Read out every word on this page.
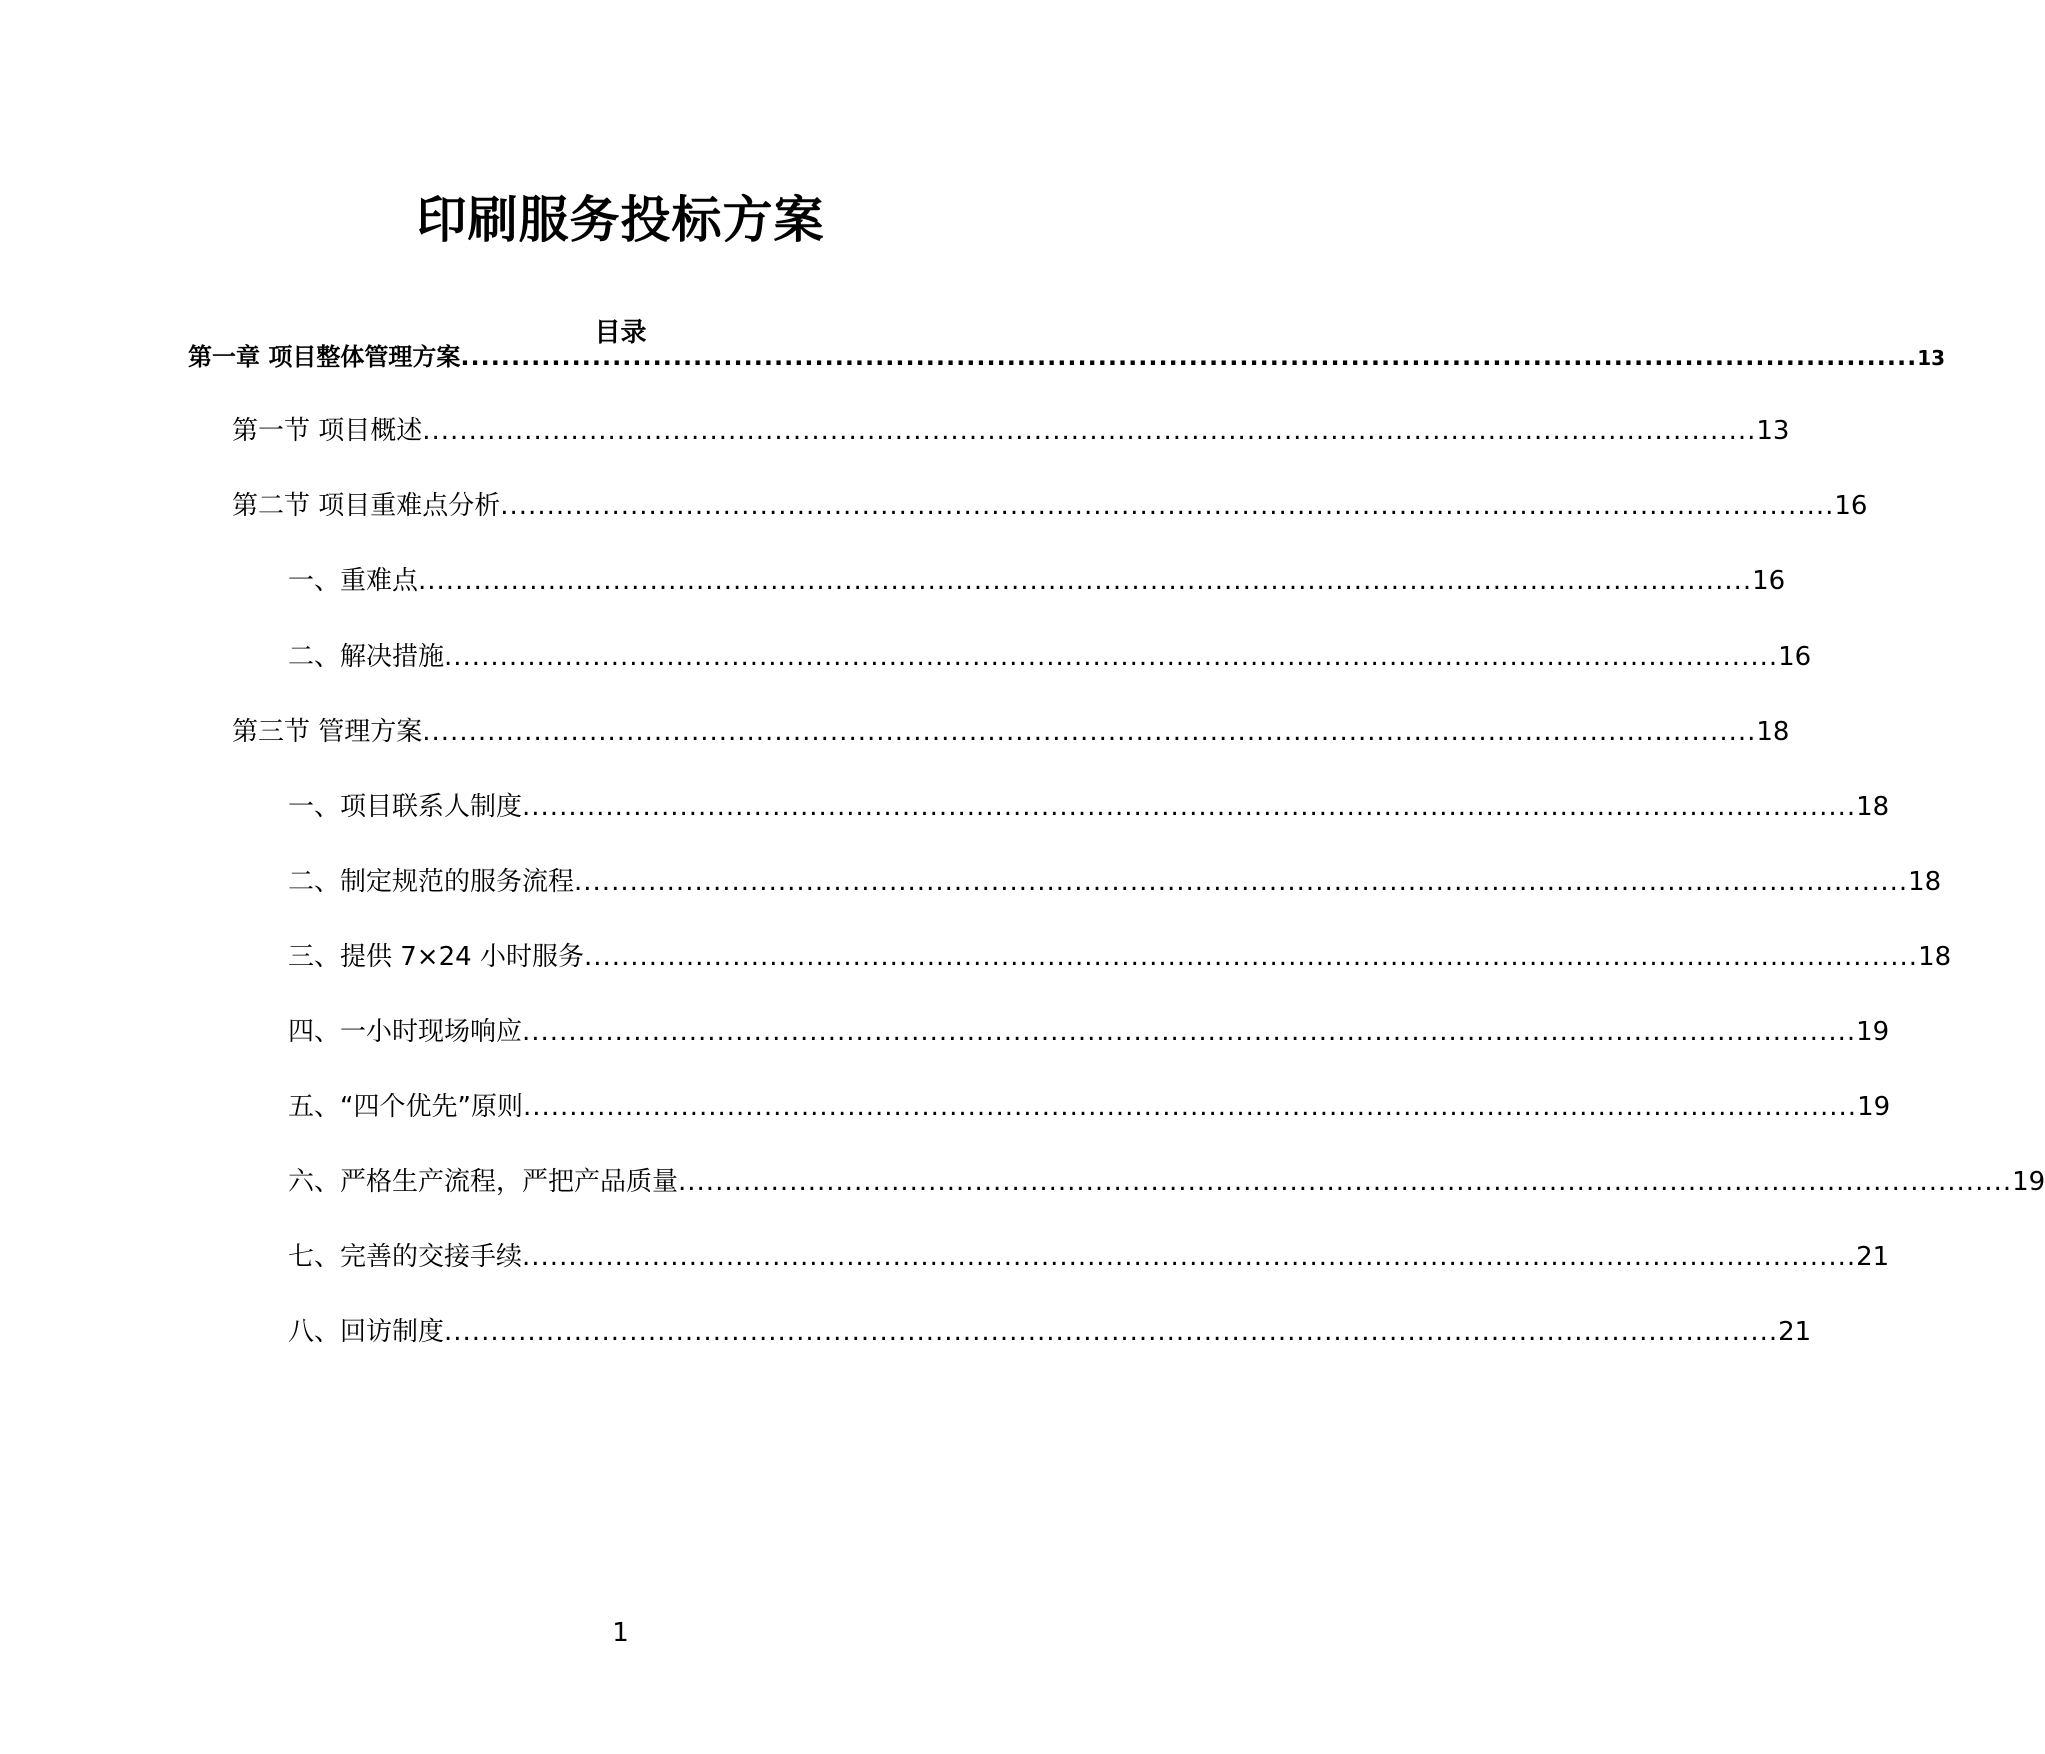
印刷服务投标方案
目录
第一章 项目整体管理方案 ................................................................................................................................................ 13
第一节 项目概述 ................................................................................................................................................ 13
第二节 项目重难点分析 ................................................................................................................................................ 16
一、重难点 ................................................................................................................................................ 16
二、解决措施 ................................................................................................................................................ 16
第三节 管理方案 ................................................................................................................................................ 18
一、项目联系人制度 ................................................................................................................................................ 18
二、制定规范的服务流程 ................................................................................................................................................ 18
三、提供 7×24 小时服务 ................................................................................................................................................ 18
四、一小时现场响应 ................................................................................................................................................ 19
五、“四个优先”原则 ................................................................................................................................................ 19
六、严格生产流程，严把产品质量 ................................................................................................................................................ 19
七、完善的交接手续 ................................................................................................................................................ 21
八、回访制度 ................................................................................................................................................ 21
1
